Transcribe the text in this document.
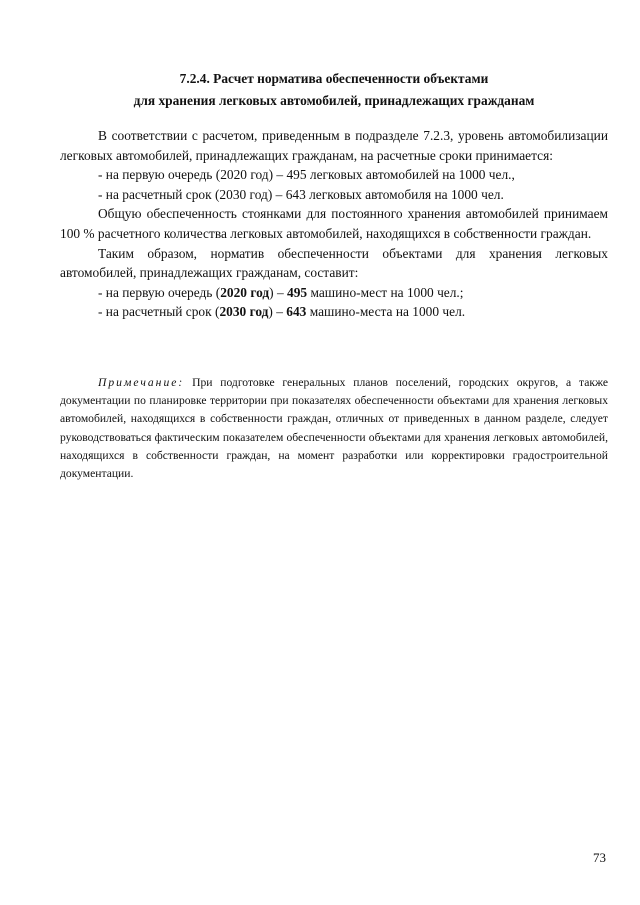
7.2.4. Расчет норматива обеспеченности объектами
для хранения легковых автомобилей, принадлежащих гражданам

В соответствии с расчетом, приведенным в подразделе 7.2.3, уровень автомобилизации легковых автомобилей, принадлежащих гражданам, на расчетные сроки принимается:

- на первую очередь (2020 год) – 495 легковых автомобилей на 1000 чел.,

- на расчетный срок (2030 год) – 643 легковых автомобиля на 1000 чел.

Общую обеспеченность стоянками для постоянного хранения автомобилей принимаем 100 % расчетного количества легковых автомобилей, находящихся в собственности граждан.

Таким образом, норматив обеспеченности объектами для хранения легковых автомобилей, принадлежащих гражданам, составит:

- на первую очередь (2020 год) – 495 машино-мест на 1000 чел.;

- на расчетный срок (2030 год) – 643 машино-места на 1000 чел.

Примечание: При подготовке генеральных планов поселений, городских округов, а также документации по планировке территории при показателях обеспеченности объектами для хранения легковых автомобилей, находящихся в собственности граждан, отличных от приведенных в данном разделе, следует руководствоваться фактическим показателем обеспеченности объектами для хранения легковых автомобилей, находящихся в собственности граждан, на момент разработки или корректировки градостроительной документации.
73
